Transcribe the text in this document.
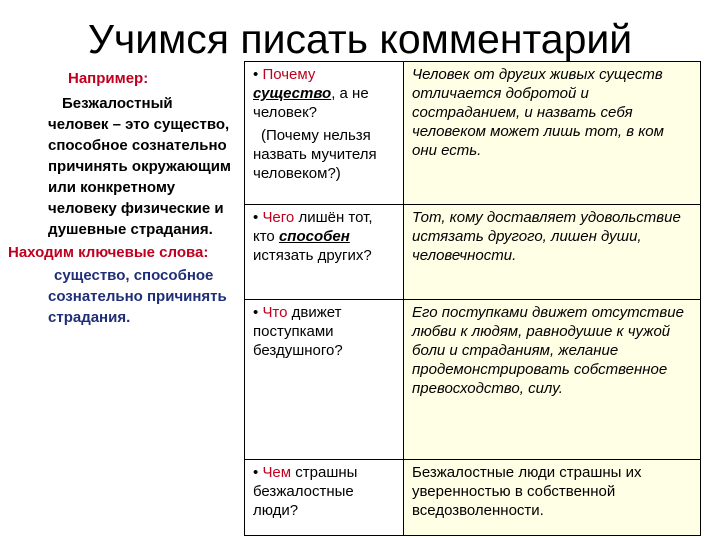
Учимся писать комментарий

Например:

Безжалостный человек – это существо, способное сознательно причинять окружающим или конкретному человеку физические и душевные страдания.

Находим ключевые слова:

существо, способное сознательно причинять страдания.

• Почему
существо, а не человек?
(Почему нельзя назвать мучителя человеком?)	Человек от других живых существ отличается добротой и состраданием, и назвать себя человеком может лишь тот, в ком они есть.
• Чего лишён тот, кто способен истязать других?	Тот, кому доставляет удовольствие истязать другого, лишен души, человечности.
• Что движет поступками бездушного?	Его поступками движет отсутствие любви к людям, равнодушие к чужой боли и страданиям, желание продемонстрировать собственное превосходство, силу.
• Чем страшны безжалостные люди?	Безжалостные люди страшны их уверенностью в собственной вседозволенности.
